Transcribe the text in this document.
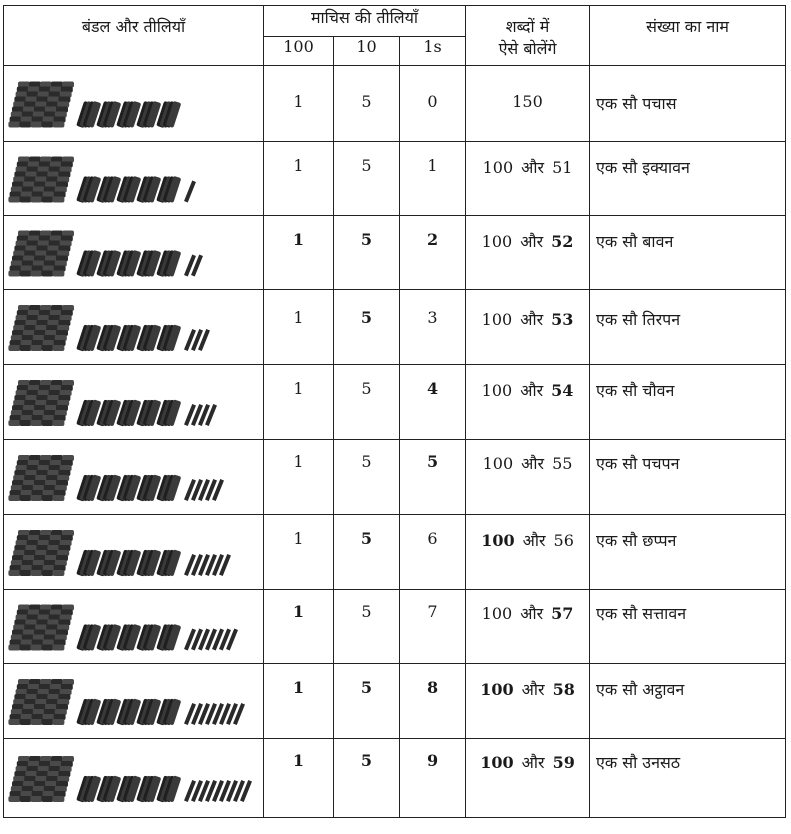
बंडल और तीलियाँ	माचिस की तीलियाँ			शब्दों में
ऐसे बोलेंगे	संख्या का नाम

	100	10	1s		

	1	5	0	150	एक सौ पचास

	1	5	1	100 और 51	एक सौ इक्यावन

	1	5	2	100 और 52	एक सौ बावन

	1	5	3	100 और 53	एक सौ तिरपन

	1	5	4	100 और 54	एक सौ चौवन

	1	5	5	100 और 55	एक सौ पचपन

	1	5	6	100 और 56	एक सौ छप्पन

	1	5	7	100 और 57	एक सौ सत्तावन

	1	5	8	100 और 58	एक सौ अट्ठावन

	1	5	9	100 और 59	एक सौ उनसठ
